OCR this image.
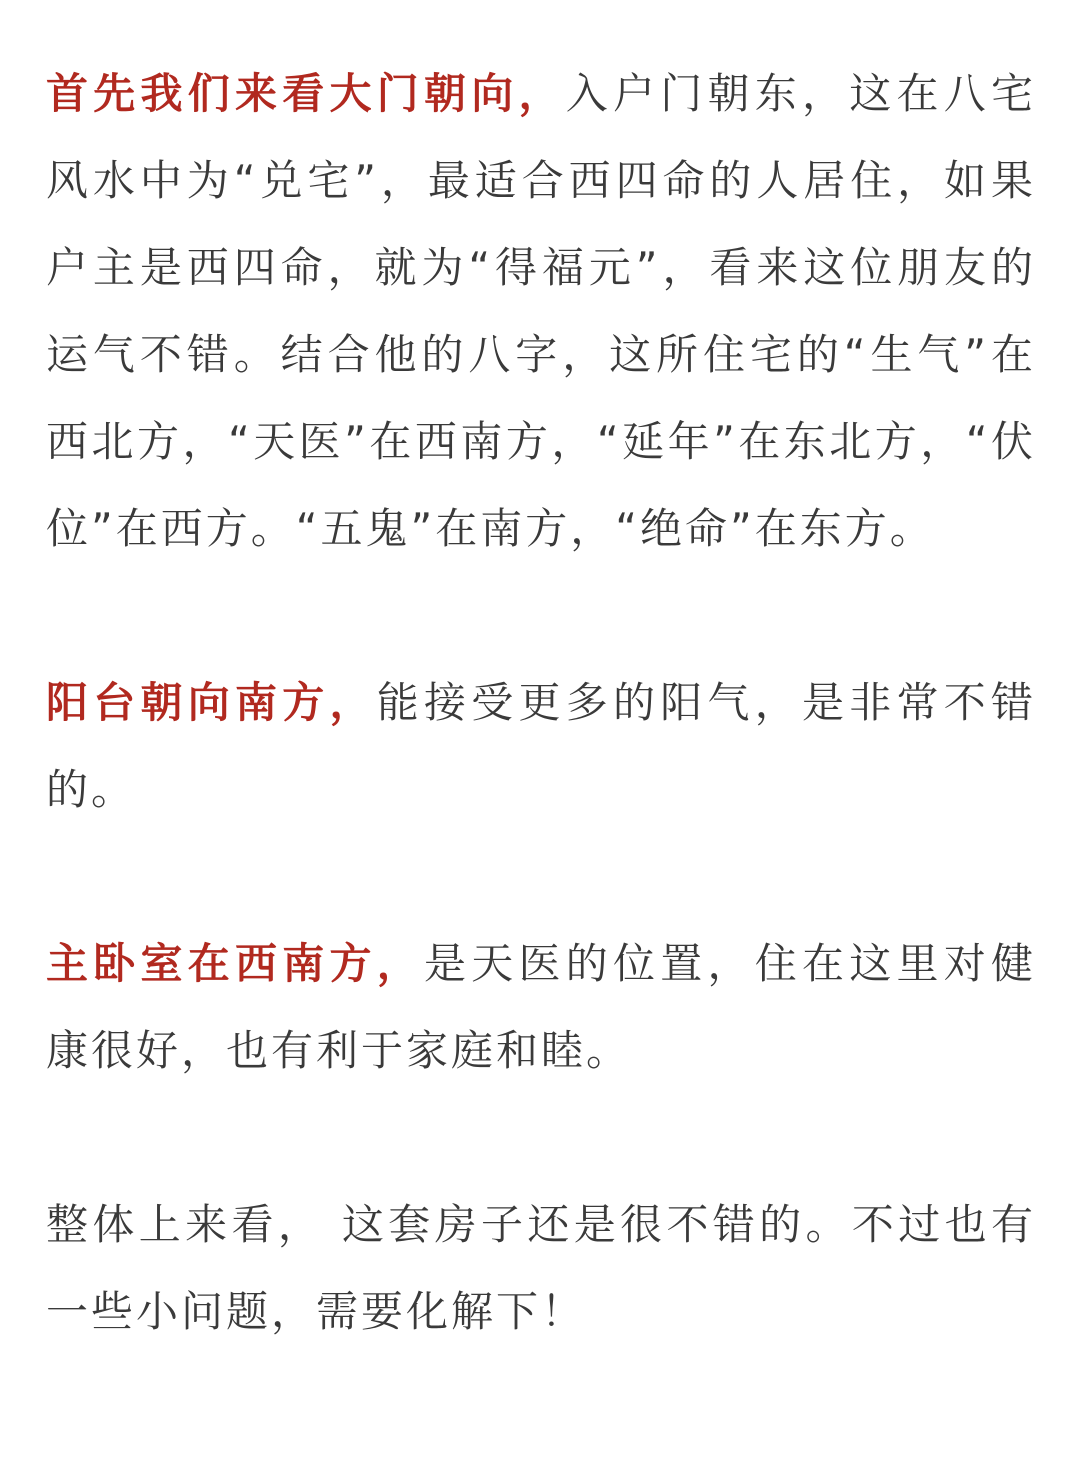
首先我们来看大门朝向，入户门朝东，这在八宅风水中为“兑宅”，最适合西四命的人居住，如果户主是西四命，就为“得福元”，看来这位朋友的运气不错。结合他的八字，这所住宅的“生气”在西北方，“天医”在西南方，“延年”在东北方，“伏位”在西方。“五鬼”在南方，“绝命”在东方。

阳台朝向南方，能接受更多的阳气，是非常不错的。

主卧室在西南方，是天医的位置，住在这里对健康很好，也有利于家庭和睦。

整体上来看， 这套房子还是很不错的。不过也有一些小问题，需要化解下！
